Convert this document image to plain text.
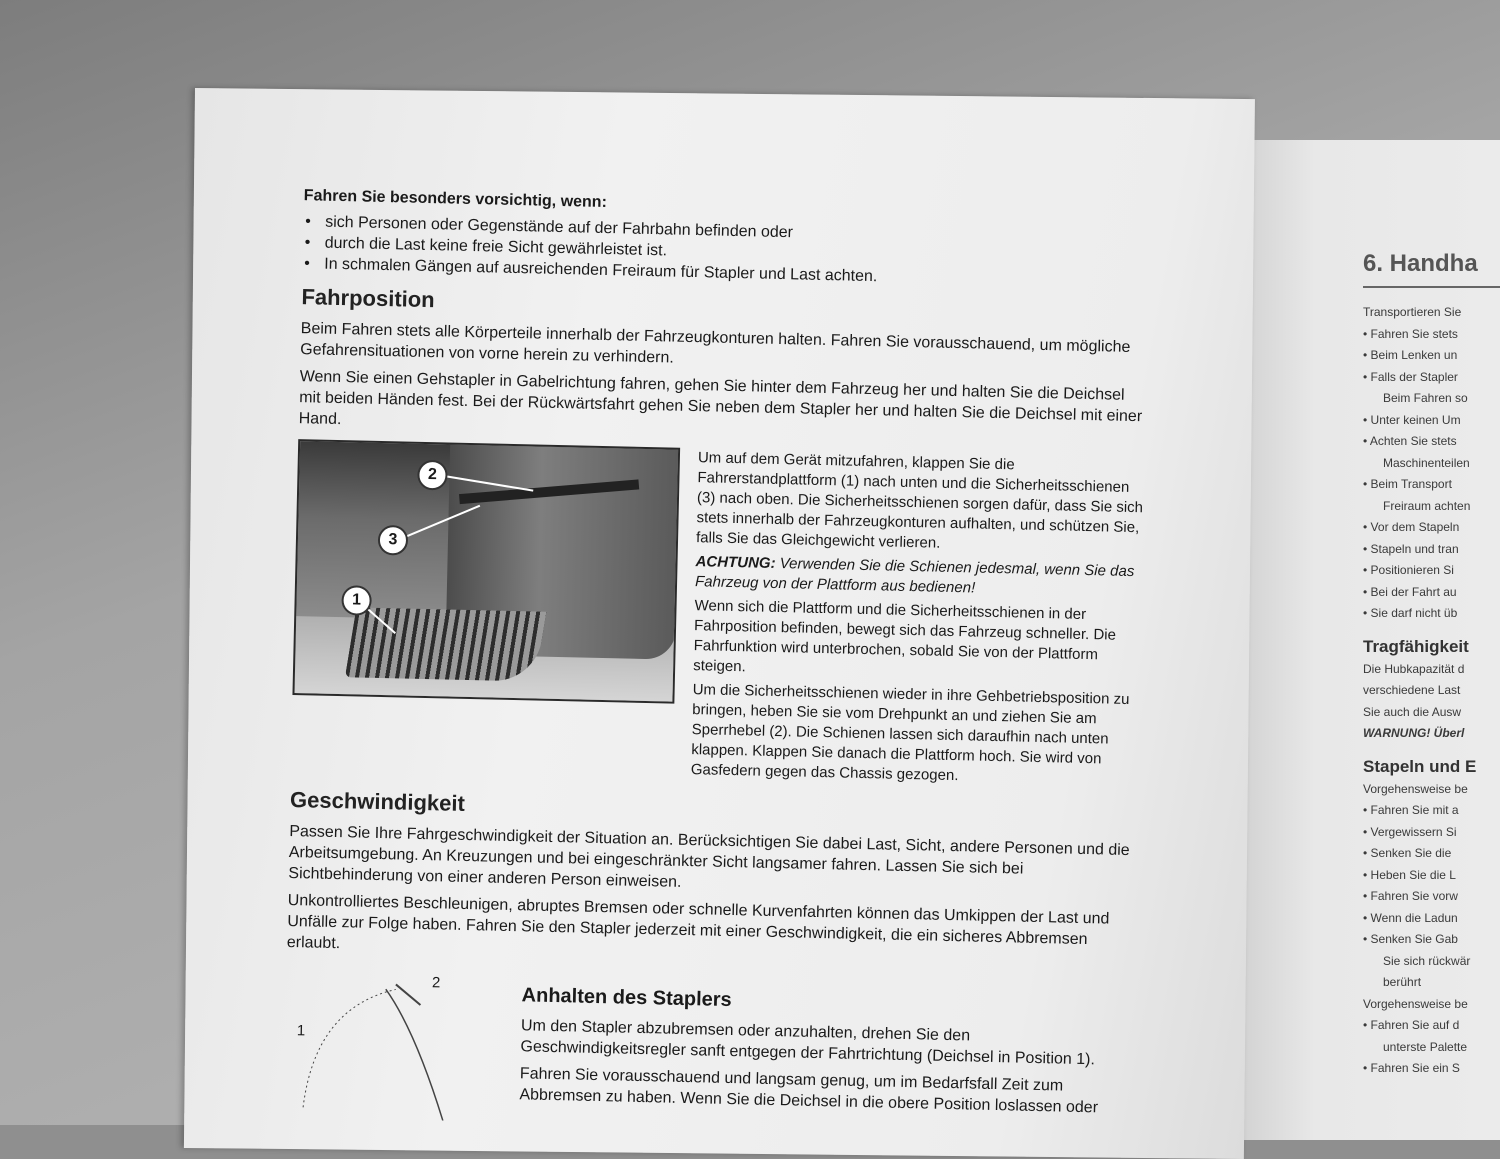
Fahren Sie besonders vorsichtig, wenn:
• sich Personen oder Gegenstände auf der Fahrbahn befinden oder
• durch die Last keine freie Sicht gewährleistet ist.
• In schmalen Gängen auf ausreichenden Freiraum für Stapler und Last achten.
Fahrposition

Beim Fahren stets alle Körperteile innerhalb der Fahrzeugkonturen halten. Fahren Sie vorausschauend, um mögliche Gefahrensituationen von vorne herein zu verhindern.

Wenn Sie einen Gehstapler in Gabelrichtung fahren, gehen Sie hinter dem Fahrzeug her und halten Sie die Deichsel mit beiden Händen fest. Bei der Rückwärtsfahrt gehen Sie neben dem Stapler her und halten Sie die Deichsel mit einer Hand.

2
3
1

Um auf dem Gerät mitzufahren, klappen Sie die Fahrerstandplattform (1) nach unten und die Sicherheitsschienen (3) nach oben. Die Sicherheitsschienen sorgen dafür, dass Sie sich stets innerhalb der Fahrzeugkonturen aufhalten, und schützen Sie, falls Sie das Gleichgewicht verlieren.

ACHTUNG: Verwenden Sie die Schienen jedesmal, wenn Sie das Fahrzeug von der Plattform aus bedienen!

Wenn sich die Plattform und die Sicherheitsschienen in der Fahrposition befinden, bewegt sich das Fahrzeug schneller. Die Fahrfunktion wird unterbrochen, sobald Sie von der Plattform steigen.

Um die Sicherheitsschienen wieder in ihre Gehbetriebsposition zu bringen, heben Sie sie vom Drehpunkt an und ziehen Sie am Sperrhebel (2). Die Schienen lassen sich daraufhin nach unten klappen. Klappen Sie danach die Plattform hoch. Sie wird von Gasfedern gegen das Chassis gezogen.

Geschwindigkeit

Passen Sie Ihre Fahrgeschwindigkeit der Situation an. Berücksichtigen Sie dabei Last, Sicht, andere Personen und die Arbeitsumgebung. An Kreuzungen und bei eingeschränkter Sicht langsamer fahren. Lassen Sie sich bei Sichtbehinderung von einer anderen Person einweisen.

Unkontrolliertes Beschleunigen, abruptes Bremsen oder schnelle Kurvenfahrten können das Umkippen der Last und Unfälle zur Folge haben. Fahren Sie den Stapler jederzeit mit einer Geschwindigkeit, die ein sicheres Abbremsen erlaubt.

2
1
Anhalten des Staplers

Um den Stapler abzubremsen oder anzuhalten, drehen Sie den Geschwindigkeitsregler sanft entgegen der Fahrtrichtung (Deichsel in Position 1).

Fahren Sie vorausschauend und langsam genug, um im Bedarfsfall Zeit zum Abbremsen zu haben. Wenn Sie die Deichsel in die obere Position loslassen oder

6. Handha
Transportieren Sie
• Fahren Sie stets
• Beim Lenken un
• Falls der Stapler
Beim Fahren so
• Unter keinen Um
• Achten Sie stets
Maschinenteilen
• Beim Transport
Freiraum achten
• Vor dem Stapeln
• Stapeln und tran
• Positionieren Si
• Bei der Fahrt au
• Sie darf nicht üb
Tragfähigkeit
Die Hubkapazität d
verschiedene Last
Sie auch die Ausw
WARNUNG! Überl
Stapeln und E
Vorgehensweise be
• Fahren Sie mit a
• Vergewissern Si
• Senken Sie die
• Heben Sie die L
• Fahren Sie vorw
• Wenn die Ladun
• Senken Sie Gab
Sie sich rückwär
berührt
Vorgehensweise be
• Fahren Sie auf d
unterste Palette
• Fahren Sie ein S
